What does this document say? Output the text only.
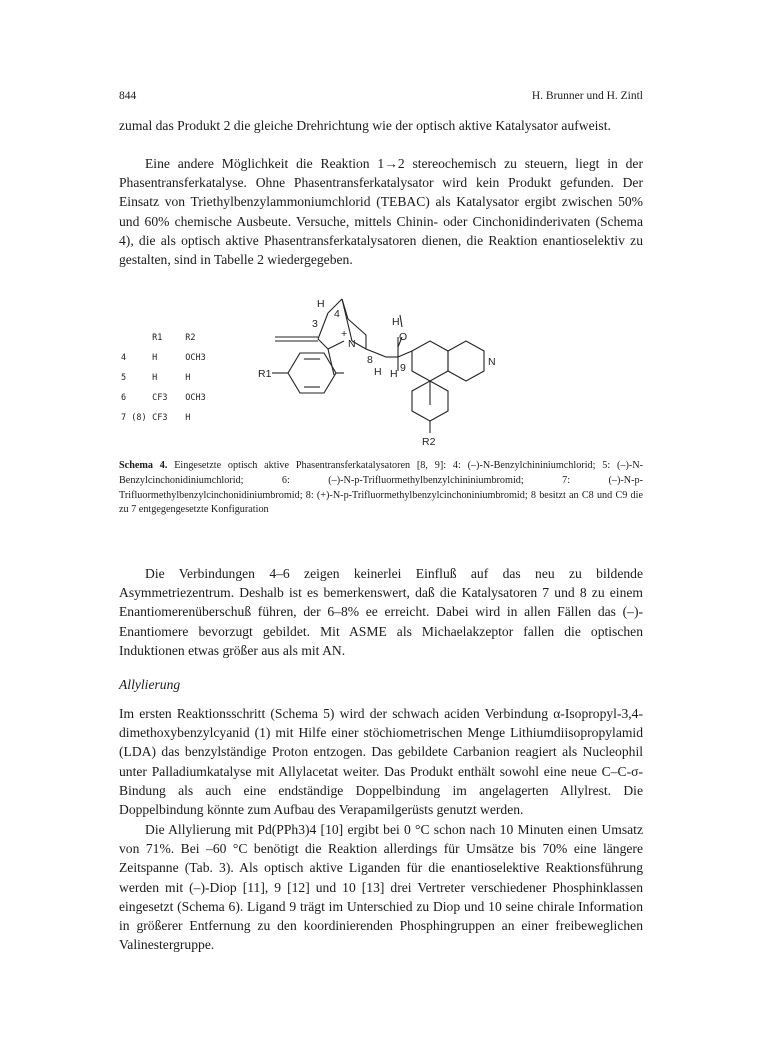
844	H. Brunner und H. Zintl

zumal das Produkt 2 die gleiche Drehrichtung wie der optisch aktive Katalysator aufweist.

Eine andere Möglichkeit die Reaktion 1→2 stereochemisch zu steuern, liegt in der Phasentransferkatalyse. Ohne Phasentransferkatalysator wird kein Produkt gefunden. Der Einsatz von Triethylbenzylammoniumchlorid (TEBAC) als Katalysator ergibt zwischen 50% und 60% chemische Ausbeute. Versuche, mittels Chinin- oder Cinchonidinderivaten (Schema 4), die als optisch aktive Phasentransferkatalysatoren dienen, die Reaktion enantioselektiv zu gestalten, sind in Tabelle 2 wiedergegeben.

R1	R2
4	H	OCH3
5	H	H
6	CF3 OCH3
7 (8) CF3 H
H
4
3	H
O
+
N
8
H H 9	N
R1
R2

Schema 4. Eingesetzte optisch aktive Phasentransferkatalysatoren [8, 9]: 4: (–)-N-Benzylchininiumchlorid; 5: (–)-N-Benzylcinchonidiniumchlorid; 6: (–)-N-p-Trifluormethylbenzylchininiumbromid; 7: (–)-N-p-Trifluormethylbenzylcinchonidiniumbromid; 8: (+)-N-p-Trifluormethylbenzylcinchoniniumbromid; 8 besitzt an C8 und C9 die zu 7 entgegengesetzte Konfiguration

Die Verbindungen 4–6 zeigen keinerlei Einfluß auf das neu zu bildende Asymmetriezentrum. Deshalb ist es bemerkenswert, daß die Katalysatoren 7 und 8 zu einem Enantiomerenüberschuß führen, der 6–8% ee erreicht. Dabei wird in allen Fällen das (–)-Enantiomere bevorzugt gebildet. Mit ASME als Michaelakzeptor fallen die optischen Induktionen etwas größer aus als mit AN.

Allylierung

Im ersten Reaktionsschritt (Schema 5) wird der schwach aciden Verbindung α-Isopropyl-3,4-dimethoxybenzylcyanid (1) mit Hilfe einer stöchiometrischen Menge Lithiumdiisopropylamid (LDA) das benzylständige Proton entzogen. Das gebildete Carbanion reagiert als Nucleophil unter Palladiumkatalyse mit Allylacetat weiter. Das Produkt enthält sowohl eine neue C–C-σ-Bindung als auch eine endständige Doppelbindung im angelagerten Allylrest. Die Doppelbindung könnte zum Aufbau des Verapamilgerüsts genutzt werden.

Die Allylierung mit Pd(PPh3)4 [10] ergibt bei 0 °C schon nach 10 Minuten einen Umsatz von 71%. Bei –60 °C benötigt die Reaktion allerdings für Umsätze bis 70% eine längere Zeitspanne (Tab. 3). Als optisch aktive Liganden für die enantioselektive Reaktionsführung werden mit (–)-Diop [11], 9 [12] und 10 [13] drei Vertreter verschiedener Phosphinklassen eingesetzt (Schema 6). Ligand 9 trägt im Unterschied zu Diop und 10 seine chirale Information in größerer Entfernung zu den koordinierenden Phosphingruppen an einer freibeweglichen Valinestergruppe.
